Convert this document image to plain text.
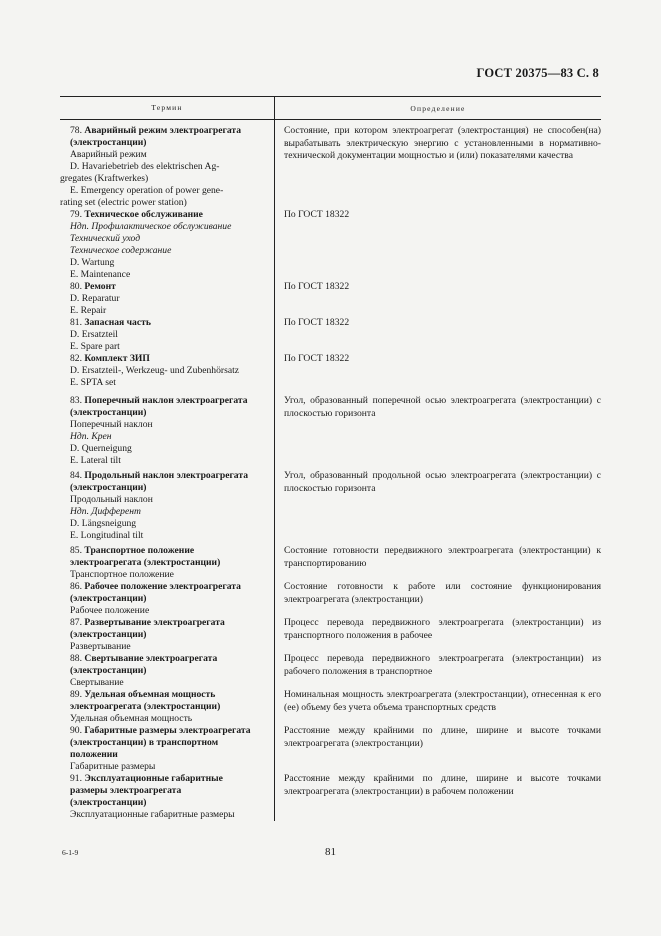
ГОСТ 20375—83 С. 8
Термин	Определение
78. Аварийный режим электроагрегата (электростанции)
Аварийный режим
D. Havariebetrieb des elektrischen Ag-
gregates (Kraftwerkes)
E. Emergency operation of power gene-
rating set (electric power station)
Состояние, при котором электроагрегат (электростанция) не способен(на) вырабатывать электрическую энергию с установленными в нормативно-технической документации мощностью и (или) показателями качества
79. Техническое обслуживание
Ндп. Профилактическое обслуживание
Технический уход
Техническое содержание
D. Wartung
E. Maintenance
По ГОСТ 18322
80. Ремонт
D. Reparatur
E. Repair
По ГОСТ 18322
81. Запасная часть
D. Ersatzteil
E. Spare part
По ГОСТ 18322
82. Комплект ЗИП
D. Ersatzteil-, Werkzeug- und Zubenhörsatz
E. SPTA set
По ГОСТ 18322
83. Поперечный наклон электроагрегата (электростанции)
Поперечный наклон
Ндп. Крен
D. Querneigung
E. Lateral tilt
Угол, образованный поперечной осью электроагрегата (электростанции) с плоскостью горизонта
84. Продольный наклон электроагрегата (электростанции)
Продольный наклон
Ндп. Дифферент
D. Längsneigung
E. Longitudinal tilt
Угол, образованный продольной осью электроагрегата (электростанции) с плоскостью горизонта
85. Транспортное положение электроагрегата (электростанции)
Транспортное положение
Состояние готовности передвижного электроагрегата (электростанции) к транспортированию
86. Рабочее положение электроагрегата (электростанции)
Рабочее положение
Состояние готовности к работе или состояние функционирования электроагрегата (электростанции)
87. Развертывание электроагрегата (электростанции)
Развертывание
Процесс перевода передвижного электроагрегата (электростанции) из транспортного положения в рабочее
88. Свертывание электроагрегата (электростанции)
Свертывание
Процесс перевода передвижного электроагрегата (электростанции) из рабочего положения в транспортное
89. Удельная объемная мощность электроагрегата (электростанции)
Удельная объемная мощность
Номинальная мощность электроагрегата (электростанции), отнесенная к его (ее) объему без учета объема транспортных средств
90. Габаритные размеры электроагрегата (электростанции) в транспортном положении
Габаритные размеры
Расстояние между крайними по длине, ширине и высоте точками электроагрегата (электростанции)
91. Эксплуатационные габаритные размеры электроагрегата (электростанции)
Эксплуатационные габаритные размеры
Расстояние между крайними по длине, ширине и высоте точками электроагрегата (электростанции) в рабочем положении
6-1-9	81
